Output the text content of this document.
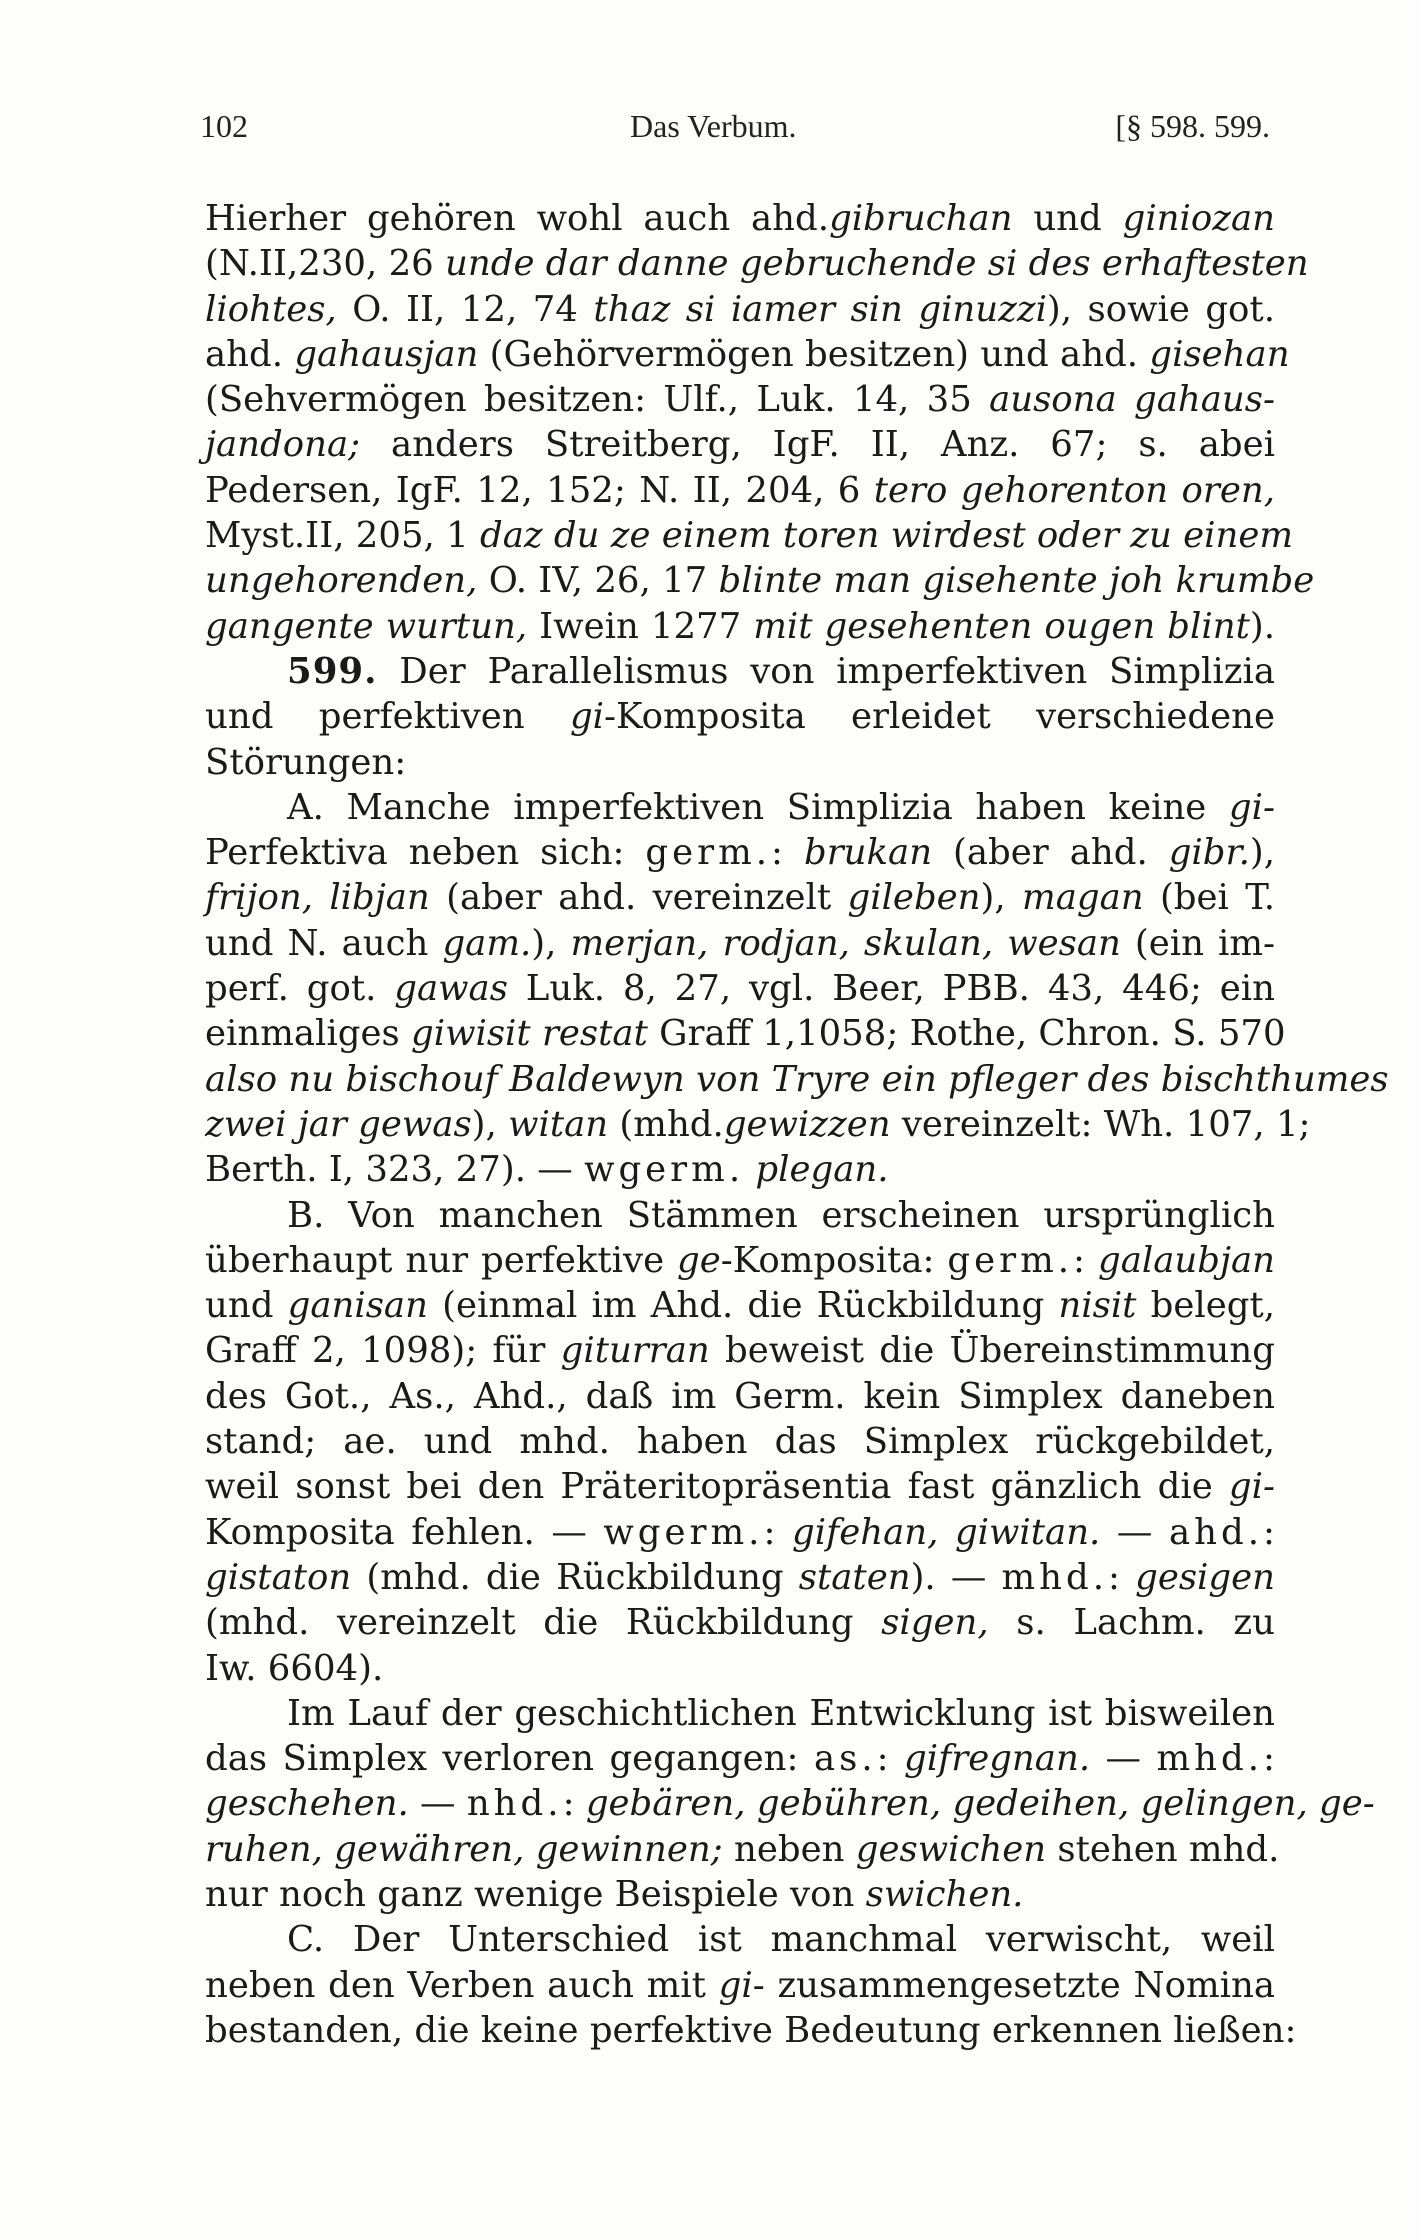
102	Das Verbum.	[§ 598. 599.
Hierher gehören wohl auch ahd.gibruchan und giniozan
(N.II,230, 26 unde dar danne gebruchende si des erhaftesten
liohtes, O. II, 12, 74 thaz si iamer sin ginuzzi), sowie got.
ahd. gahausjan (Gehörvermögen besitzen) und ahd. gisehan
(Sehvermögen besitzen: Ulf., Luk. 14, 35 ausona gahaus-
jandona; anders Streitberg, IgF. II, Anz. 67; s. abei
Pedersen, IgF. 12, 152; N. II, 204, 6 tero gehorenton oren,
Myst.II, 205, 1 daz du ze einem toren wirdest oder zu einem
ungehorenden, O. IV, 26, 17 blinte man gisehente joh krumbe
gangente wurtun, Iwein 1277 mit gesehenten ougen blint).
599. Der Parallelismus von imperfektiven Simplizia
und perfektiven gi-Komposita erleidet verschiedene
Störungen:
A. Manche imperfektiven Simplizia haben keine gi-
Perfektiva neben sich: germ.: brukan (aber ahd. gibr.),
frijon, libjan (aber ahd. vereinzelt gileben), magan (bei T.
und N. auch gam.), merjan, rodjan, skulan, wesan (ein im-
perf. got. gawas Luk. 8, 27, vgl. Beer, PBB. 43, 446; ein
einmaliges giwisit restat Graff 1,1058; Rothe, Chron. S. 570
also nu bischouf Baldewyn von Tryre ein pfleger des bischthumes
zwei jar gewas), witan (mhd.gewizzen vereinzelt: Wh. 107, 1;
Berth. I, 323, 27). — wgerm. plegan.
B. Von manchen Stämmen erscheinen ursprünglich
überhaupt nur perfektive ge-Komposita: germ.: galaubjan
und ganisan (einmal im Ahd. die Rückbildung nisit belegt,
Graff 2, 1098); für giturran beweist die Übereinstimmung
des Got., As., Ahd., daß im Germ. kein Simplex daneben
stand; ae. und mhd. haben das Simplex rückgebildet,
weil sonst bei den Präteritopräsentia fast gänzlich die gi-
Komposita fehlen. — wgerm.: gifehan, giwitan. — ahd.:
gistaton (mhd. die Rückbildung staten). — mhd.: gesigen
(mhd. vereinzelt die Rückbildung sigen, s. Lachm. zu
Iw. 6604).
Im Lauf der geschichtlichen Entwicklung ist bisweilen
das Simplex verloren gegangen: as.: gifregnan. — mhd.:
geschehen. — nhd.: gebären, gebühren, gedeihen, gelingen, ge-
ruhen, gewähren, gewinnen; neben geswichen stehen mhd.
nur noch ganz wenige Beispiele von swichen.
C. Der Unterschied ist manchmal verwischt, weil
neben den Verben auch mit gi- zusammengesetzte Nomina
bestanden, die keine perfektive Bedeutung erkennen ließen:
